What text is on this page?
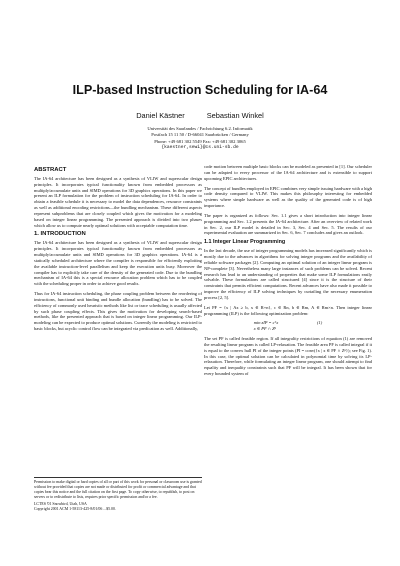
ILP-based Instruction Scheduling for IA-64
Daniel Kästner	Sebastian Winkel
Universität des Saarlandes / Fachrichtung 6.2. Informatik
Postfach 15 11 50 / D-66041 Saarbrücken / Germany
Phone: +49 681 302 5549 Fax: +49 681 302 3065
{kaestner,sewi}@cs.uni-sb.de
ABSTRACT

The IA-64 architecture has been designed as a synthesis of VLIW and superscalar design principles. It incorporates typical functionality known from embedded processors as multiply/accumulate units and SIMD operations for 3D graphics operations. In this paper we present an ILP formulation for the problem of instruction scheduling for IA-64. In order to obtain a feasible schedule it is necessary to model the data dependences, resource constraints as well as additional encoding restrictions—the bundling mechanism. These different aspects represent subproblems that are closely coupled which gives the motivation for a modeling based on integer linear programming. The presented approach is divided into two phases which allow us to compute nearly optimal solutions with acceptable computation time.

1. INTRODUCTION

The IA-64 architecture has been designed as a synthesis of VLIW and superscalar design principles. It incorporates typical functionality known from embedded processors as multiply/accumulate units and SIMD operations for 3D graphics operations. IA-64 is a statically scheduled architecture where the compiler is responsible for efficiently exploiting the available instruction-level parallelism and keep the execution units busy. Moreover the compiler has to explicitly take care of the density of the generated code. Due to the bundling mechanism of IA-64 this is a special resource allocation problem which has to be coupled with the scheduling proper in order to achieve good results.

Thus for IA-64 instruction scheduling, the phase coupling problem between the reordering of instructions, functional unit binding and bundle allocation (bundling) has to be solved. The efficiency of commonly used heuristic methods like list or trace scheduling is usually affected by such phase coupling effects. This gives the motivation for developing search-based methods, like the presented approach that is based on integer linear programming. Our ILP-modeling can be expected to produce optimal solutions. Currently the modeling is restricted to basic blocks, but acyclic control flow can be integrated via predication as well. Additionally,

Permission to make digital or hard copies of all or part of this work for personal or classroom use is granted without fee provided that copies are not made or distributed for profit or commercial advantage and that copies bear this notice and the full citation on the first page. To copy otherwise, to republish, to post on servers or to redistribute to lists, requires prior specific permission and/or a fee.

LCTES '01 Snowbird, Utah, USA
Copyright 2001 ACM 1-58113-425-8/01/06 ...$5.00.

code motion between multiple basic blocks can be modeled as presented in [1]. Our scheduler can be adapted to every processor of the IA-64 architecture and is extensible to support upcoming EPIC architectures.

The concept of bundles employed in EPIC combines very simple issuing hardware with a high code density compared to VLIW. This makes this philosophy interesting for embedded systems where simple hardware as well as the quality of the generated code is of high importance.

The paper is organized as follows: Sec. 1.1 gives a short introduction into integer linear programming and Sec. 1.2 presents the IA-64 architecture. After an overview of related work in Sec. 2, our ILP model is detailed in Sec. 3, Sec. 4 and Sec. 5. The results of our experimental evaluation are summarized in Sec. 6, Sec. 7 concludes and gives an outlook.

1.1 Integer Linear Programming

In the last decade, the use of integer programming models has increased significantly which is mostly due to the advances in algorithms for solving integer programs and the availability of reliable software packages [2]. Computing an optimal solution of an integer linear program is NP-complete [3]. Nevertheless many large instances of such problems can be solved. Recent research has lead to an understanding of properties that make some ILP formulations easily solvable. These formulations are called structured [4] since it is the structure of their constraints that permits efficient computations. Recent advances have also made it possible to improve the efficiency of ILP solving techniques by curtailing the necessary enumeration process [2, 5].

Let PF = {x | Ax ≥ b, x ∈ R+n}, c ∈ Rn, b ∈ Rm, A ∈ Rm×n. Then integer linear programming (ILP) is the following optimization problem:

min zIP = cᵀx
x ∈ PF ∩ Zⁿ
(1)

The set PF is called feasible region. If all integrality restrictions of equation (1) are removed the resulting linear program is called LP-relaxation. The feasible area PF is called integral if it is equal to the convex hull PI of the integer points (PI = conv({x | x ∈ PF ∩ Zⁿ}); see Fig. 1). In this case, the optimal solution can be calculated in polynomial time by solving its LP-relaxation. Therefore, while formulating an integer linear program, one should attempt to find equality and inequality constraints such that PF will be integral. It has been shown that for every bounded system of
